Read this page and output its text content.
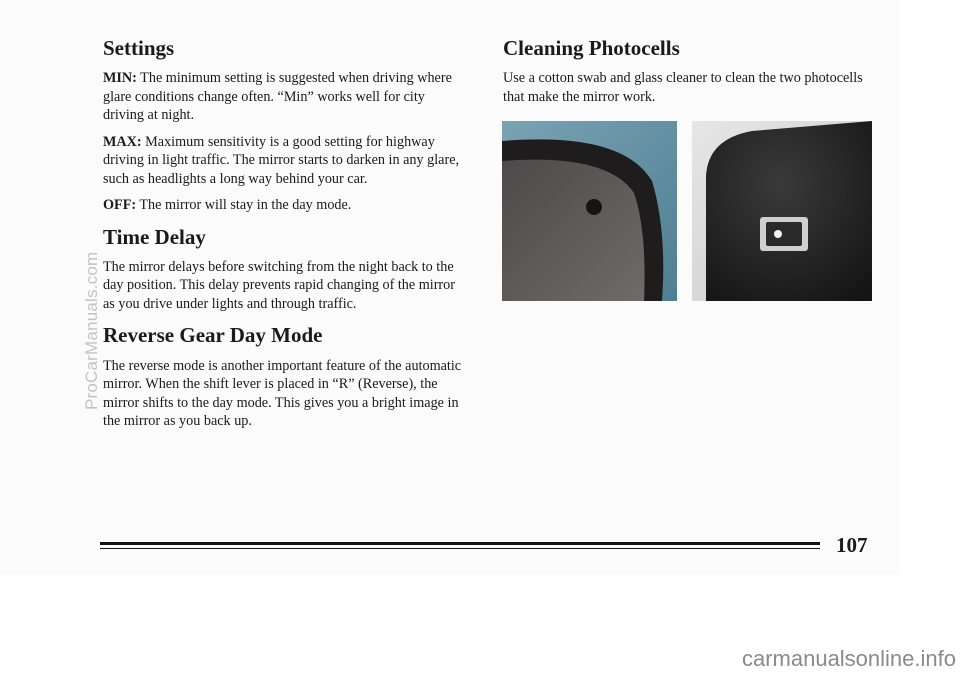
Settings

MIN: The minimum setting is suggested when driving where glare conditions change often. “Min” works well for city driving at night.

MAX: Maximum sensitivity is a good setting for highway driving in light traffic. The mirror starts to darken in any glare, such as headlights a long way behind your car.

OFF: The mirror will stay in the day mode.

Time Delay

The mirror delays before switching from the night back to the day position. This delay prevents rapid changing of the mirror as you drive under lights and through traffic.

Reverse Gear Day Mode

The reverse mode is another important feature of the automatic mirror. When the shift lever is placed in “R” (Reverse), the mirror shifts to the day mode. This gives you a bright image in the mirror as you back up.

Cleaning Photocells

Use a cotton swab and glass cleaner to clean the two photocells that make the mirror work.

107
ProCarManuals.com
carmanualsonline.info
